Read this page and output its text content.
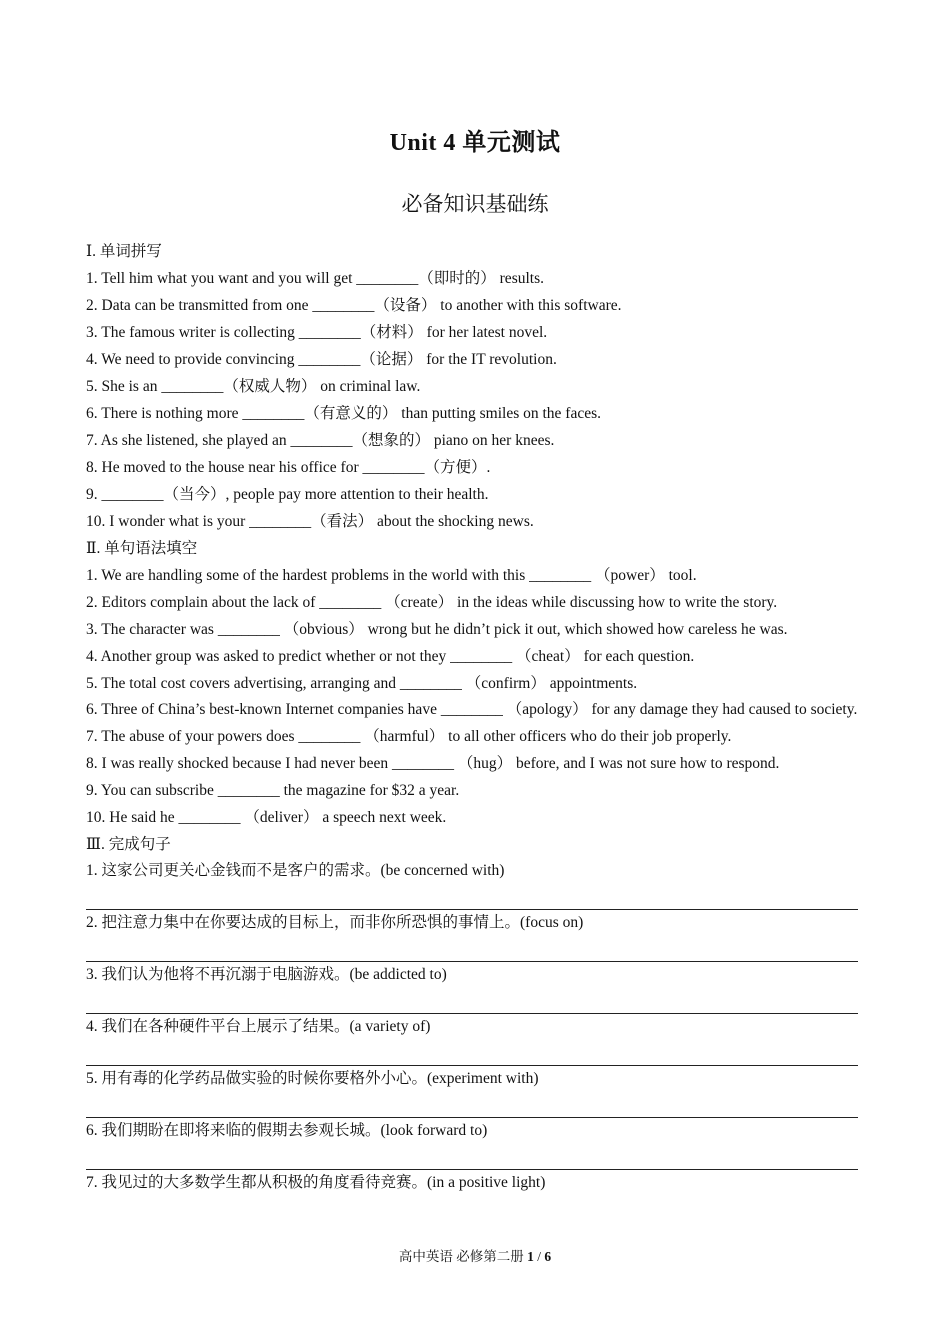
Unit 4 单元测试
必备知识基础练
Ⅰ. 单词拼写
1. Tell him what you want and you will get ________（即时的） results.
2. Data can be transmitted from one ________（设备） to another with this software.
3. The famous writer is collecting ________（材料） for her latest novel.
4. We need to provide convincing ________（论据） for the IT revolution.
5. She is an ________（权威人物） on criminal law.
6. There is nothing more ________（有意义的） than putting smiles on the faces.
7. As she listened, she played an ________（想象的） piano on her knees.
8. He moved to the house near his office for ________（方便）.
9. ________（当今）, people pay more attention to their health.
10. I wonder what is your ________（看法） about the shocking news.
Ⅱ. 单句语法填空
1. We are handling some of the hardest problems in the world with this ________ （power） tool.
2. Editors complain about the lack of ________ （create） in the ideas while discussing how to write the story.
3. The character was ________ （obvious） wrong but he didn’t pick it out, which showed how careless he was.
4. Another group was asked to predict whether or not they ________ （cheat） for each question.
5. The total cost covers advertising, arranging and ________ （confirm） appointments.
6. Three of China’s best-known Internet companies have ________ （apology） for any damage they had caused to society.
7. The abuse of your powers does ________ （harmful） to all other officers who do their job properly.
8. I was really shocked because I had never been ________ （hug） before, and I was not sure how to respond.
9. You can subscribe ________ the magazine for $32 a year.
10. He said he ________ （deliver） a speech next week.
Ⅲ. 完成句子
1. 这家公司更关心金钱而不是客户的需求。(be concerned with)
2. 把注意力集中在你要达成的目标上，而非你所恐惧的事情上。(focus on)
3. 我们认为他将不再沉溺于电脑游戏。(be addicted to)
4. 我们在各种硬件平台上展示了结果。(a variety of)
5. 用有毒的化学药品做实验的时候你要格外小心。(experiment with)
6. 我们期盼在即将来临的假期去参观长城。(look forward to)
7. 我见过的大多数学生都从积极的角度看待竞赛。(in a positive light)
高中英语 必修第二册 1 / 6
